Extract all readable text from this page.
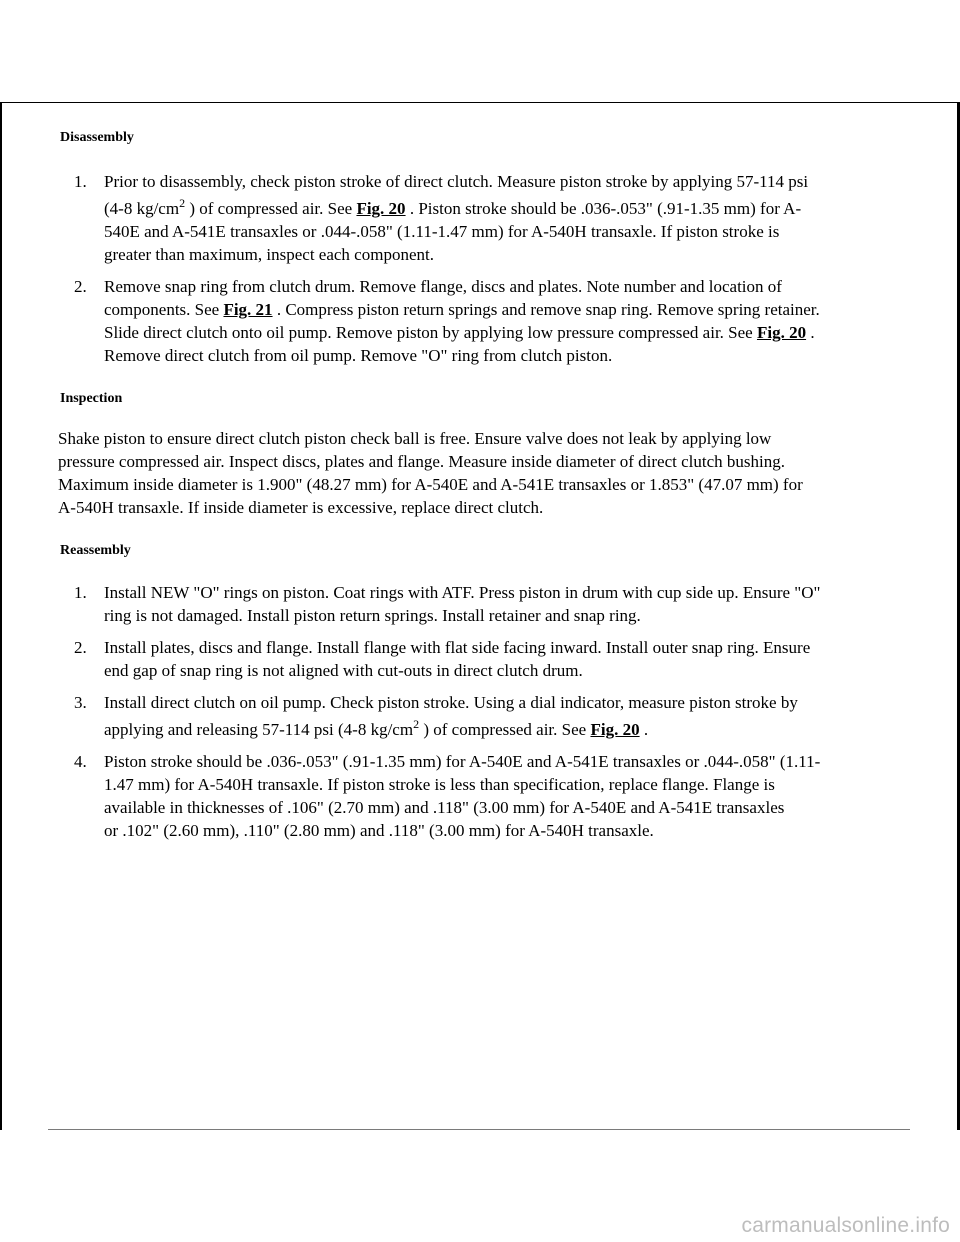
Disassembly
1. Prior to disassembly, check piston stroke of direct clutch. Measure piston stroke by applying 57-114 psi
(4-8 $kg/cm^2$ ) of compressed air. See Fig. 20 . Piston stroke should be .036-.053" (.91-1.35 mm) for A-
540E and A-541E transaxles or .044-.058" (1.11-1.47 mm) for A-540H transaxle. If piston stroke is
greater than maximum, inspect each component.
2. Remove snap ring from clutch drum. Remove flange, discs and plates. Note number and location of
components. See Fig. 21 . Compress piston return springs and remove snap ring. Remove spring retainer.
Slide direct clutch onto oil pump. Remove piston by applying low pressure compressed air. See Fig. 20 .
Remove direct clutch from oil pump. Remove "O" ring from clutch piston.
Inspection

Shake piston to ensure direct clutch piston check ball is free. Ensure valve does not leak by applying low
pressure compressed air. Inspect discs, plates and flange. Measure inside diameter of direct clutch bushing.
Maximum inside diameter is 1.900" (48.27 mm) for A-540E and A-541E transaxles or 1.853" (47.07 mm) for
A-540H transaxle. If inside diameter is excessive, replace direct clutch.

Reassembly
1. Install NEW "O" rings on piston. Coat rings with ATF. Press piston in drum with cup side up. Ensure "O"
ring is not damaged. Install piston return springs. Install retainer and snap ring.
2. Install plates, discs and flange. Install flange with flat side facing inward. Install outer snap ring. Ensure
end gap of snap ring is not aligned with cut-outs in direct clutch drum.
3. Install direct clutch on oil pump. Check piston stroke. Using a dial indicator, measure piston stroke by
applying and releasing 57-114 psi (4-8 $kg/cm^2$ ) of compressed air. See Fig. 20 .
4. Piston stroke should be .036-.053" (.91-1.35 mm) for A-540E and A-541E transaxles or .044-.058" (1.11-
1.47 mm) for A-540H transaxle. If piston stroke is less than specification, replace flange. Flange is
available in thicknesses of .106" (2.70 mm) and .118" (3.00 mm) for A-540E and A-541E transaxles
or .102" (2.60 mm), .110" (2.80 mm) and .118" (3.00 mm) for A-540H transaxle.
carmanualsonline.info
